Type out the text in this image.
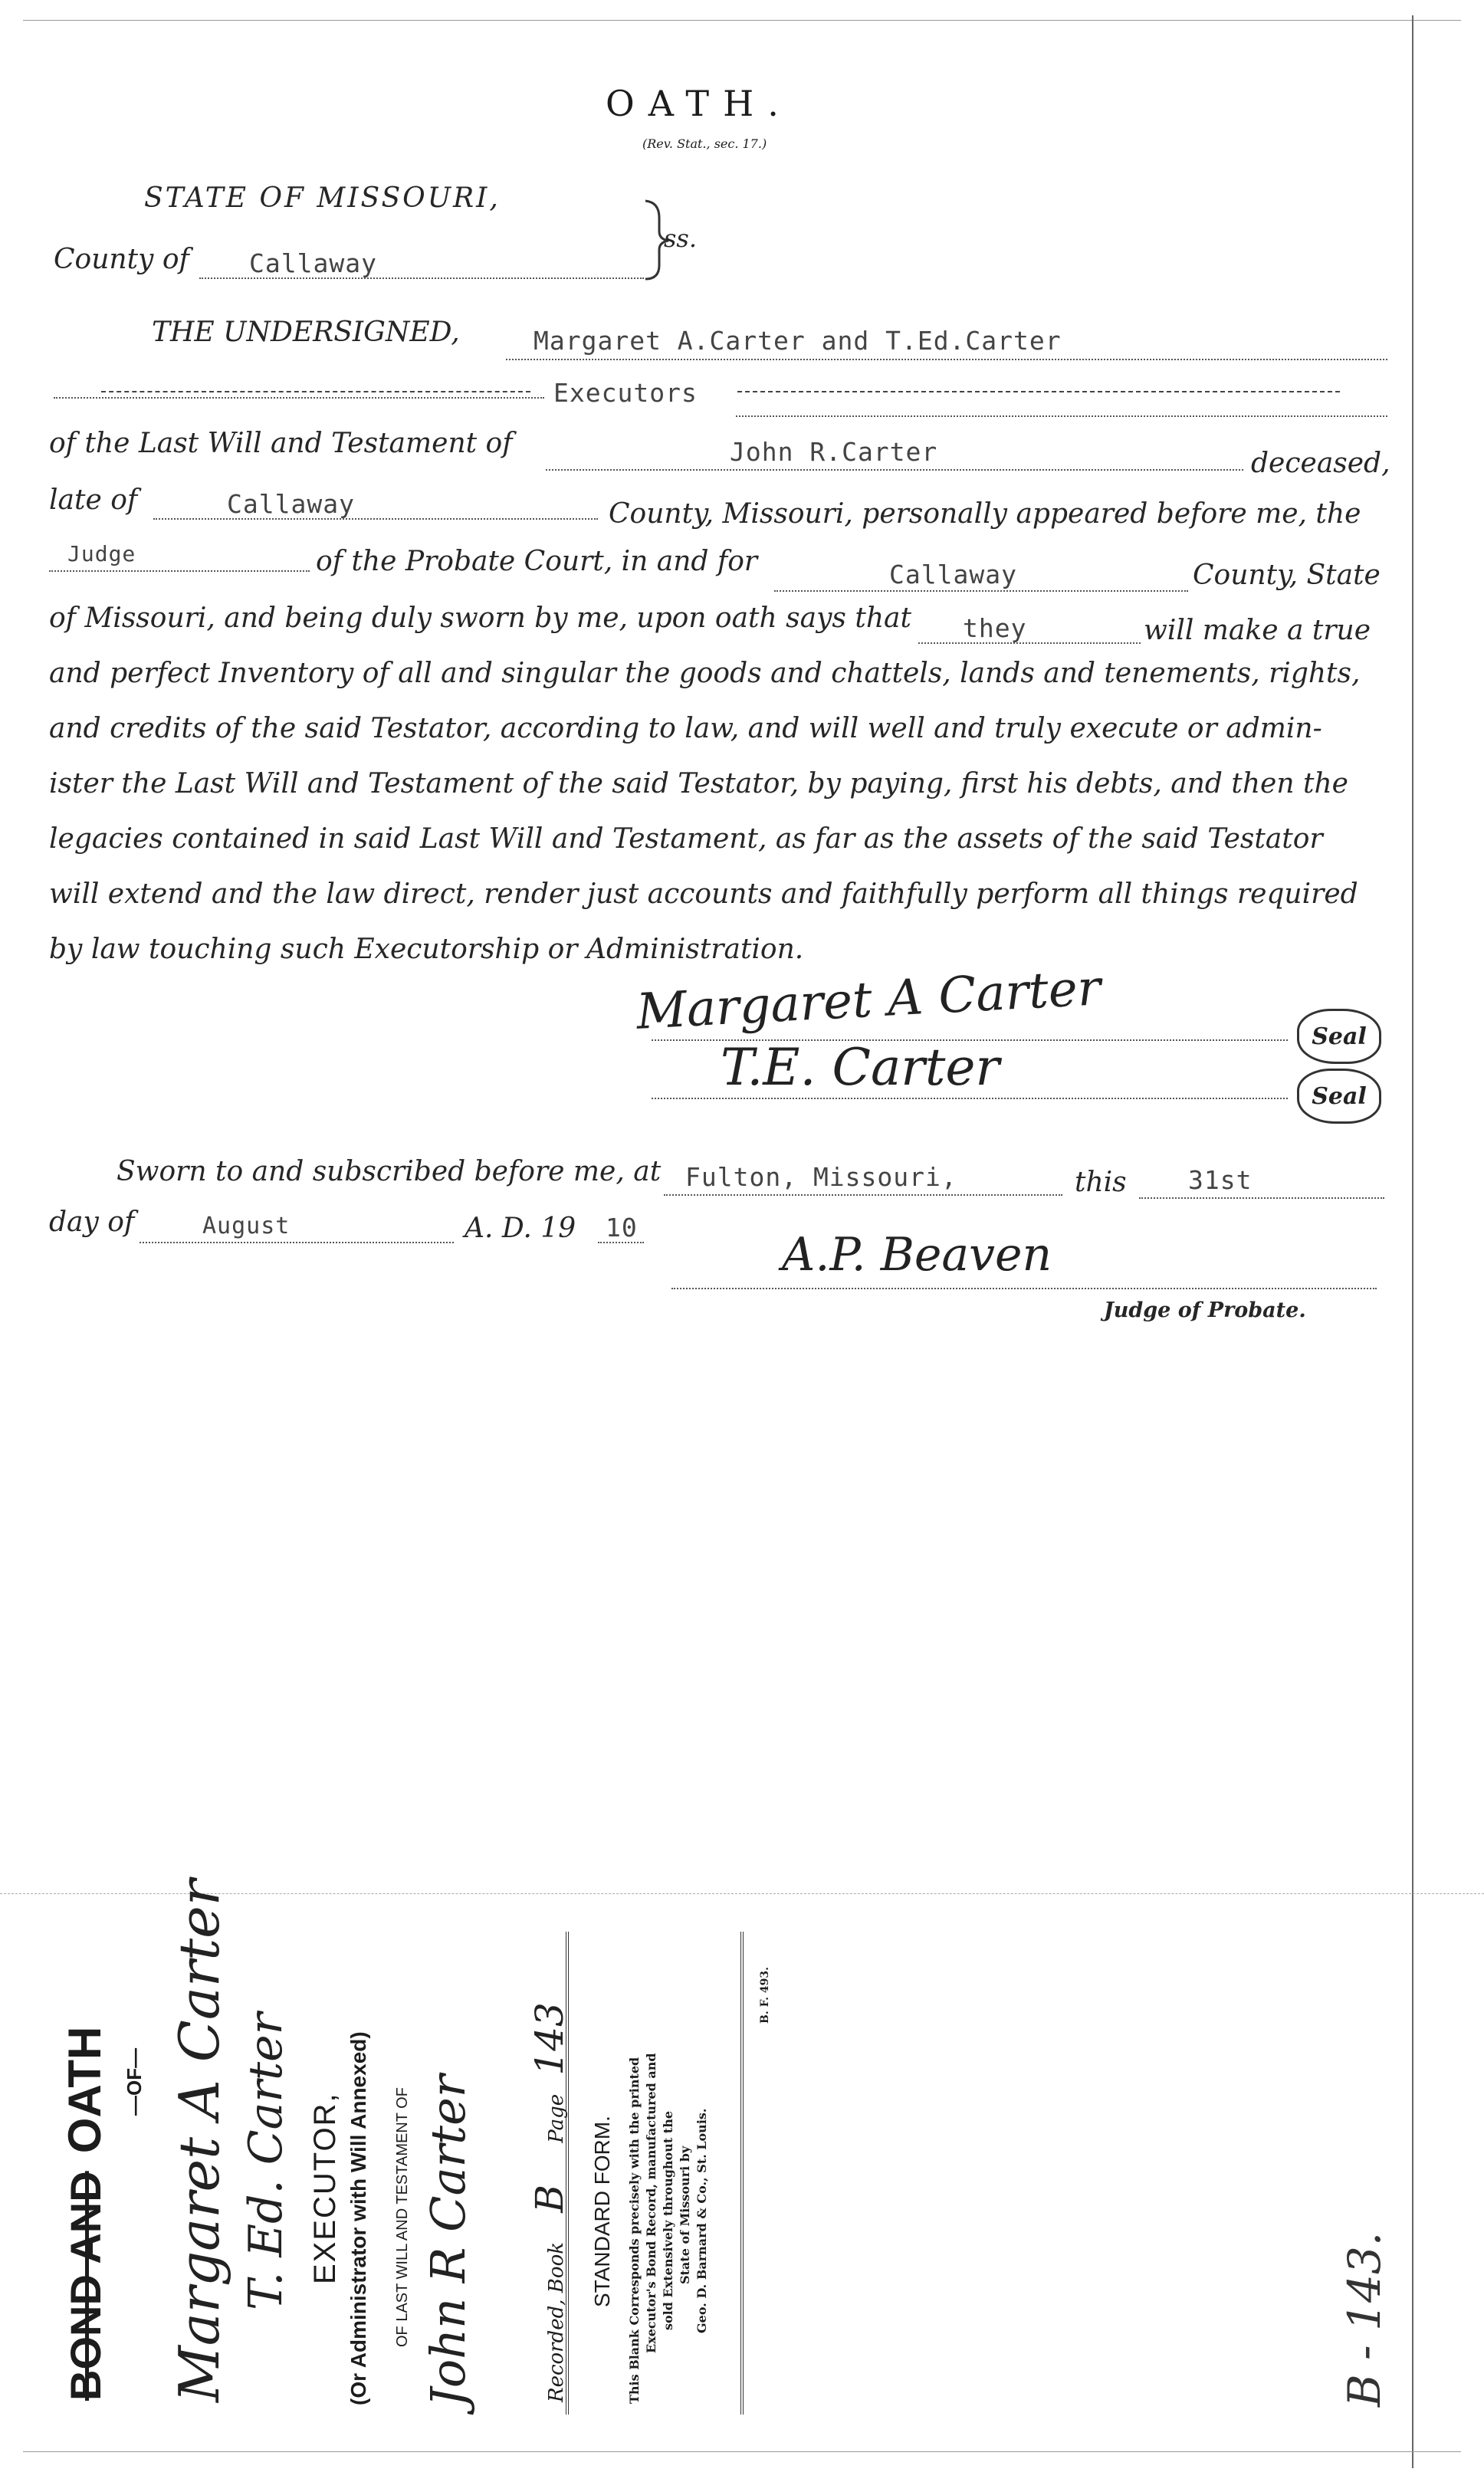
OATH.
(Rev. Stat., sec. 17.)
STATE OF MISSOURI,
County of Callaway
ss.
THE UNDERSIGNED,	Margaret A.Carter and T.Ed.Carter
Executors
of the Last Will and Testament of	John R.Carter	deceased,
late of	Callaway	County, Missouri, personally appeared before me, the
Judge	of the Probate Court, in and for	Callaway	County, State
of Missouri, and being duly sworn by me, upon oath says that they	will make a true
and perfect Inventory of all and singular the goods and chattels, lands and tenements, rights,
and credits of the said Testator, according to law, and will well and truly execute or admin-
ister the Last Will and Testament of the said Testator, by paying, first his debts, and then the
legacies contained in said Last Will and Testament, as far as the assets of the said Testator
will extend and the law direct, render just accounts and faithfully perform all things required
by law touching such Executorship or Administration.
Margaret A Carter	Seal
T.E. Carter	Seal
Sworn to and subscribed before me, at Fulton, Missouri,	this 31st
day of	August	A. D. 19 10
A.P. Beaven
Judge of Probate.
BOND AND OATH —OF— Margaret A Carter T. Ed. Carter EXECUTOR, (Or Administrator with Will Annexed) OF LAST WILL AND TESTAMENT OF John R Carter	Recorded, Book B Page 143
STANDARD FORM. This Blank Corresponds precisely with the printed Executor's Bond Record, manufactured and sold Extensively throughout the State of Missouri by Geo. D. Barnard & Co., St. Louis.
B. F. 493.
B - 143.
